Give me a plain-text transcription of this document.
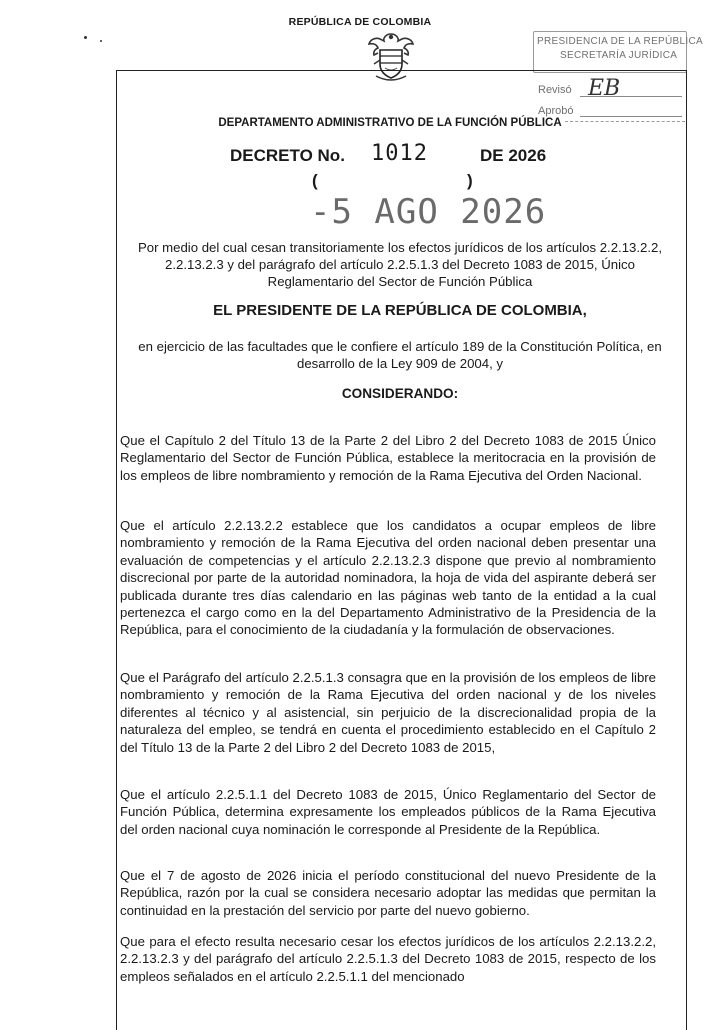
REPÚBLICA DE COLOMBIA
PRESIDENCIA DE LA REPÚBLICA
SECRETARÍA JURÍDICA
Revisó EB
Aprobó
DEPARTAMENTO ADMINISTRATIVO DE LA FUNCIÓN PÚBLICA
DECRETO No. 1012	DE 2026
(	)
-5 AGO 2026
Por medio del cual cesan transitoriamente los efectos jurídicos de los artículos 2.2.13.2.2, 2.2.13.2.3 y del parágrafo del artículo 2.2.5.1.3 del Decreto 1083 de 2015, Único Reglamentario del Sector de Función Pública
EL PRESIDENTE DE LA REPÚBLICA DE COLOMBIA,
en ejercicio de las facultades que le confiere el artículo 189 de la Constitución Política, en desarrollo de la Ley 909 de 2004, y
CONSIDERANDO:
Que el Capítulo 2 del Título 13 de la Parte 2 del Libro 2 del Decreto 1083 de 2015 Único Reglamentario del Sector de Función Pública, establece la meritocracia en la provisión de los empleos de libre nombramiento y remoción de la Rama Ejecutiva del Orden Nacional.
Que el artículo 2.2.13.2.2 establece que los candidatos a ocupar empleos de libre nombramiento y remoción de la Rama Ejecutiva del orden nacional deben presentar una evaluación de competencias y el artículo 2.2.13.2.3 dispone que previo al nombramiento discrecional por parte de la autoridad nominadora, la hoja de vida del aspirante deberá ser publicada durante tres días calendario en las páginas web tanto de la entidad a la cual pertenezca el cargo como en la del Departamento Administrativo de la Presidencia de la República, para el conocimiento de la ciudadanía y la formulación de observaciones.
Que el Parágrafo del artículo 2.2.5.1.3 consagra que en la provisión de los empleos de libre nombramiento y remoción de la Rama Ejecutiva del orden nacional y de los niveles diferentes al técnico y al asistencial, sin perjuicio de la discrecionalidad propia de la naturaleza del empleo, se tendrá en cuenta el procedimiento establecido en el Capítulo 2 del Título 13 de la Parte 2 del Libro 2 del Decreto 1083 de 2015,
Que el artículo 2.2.5.1.1 del Decreto 1083 de 2015, Único Reglamentario del Sector de Función Pública, determina expresamente los empleados públicos de la Rama Ejecutiva del orden nacional cuya nominación le corresponde al Presidente de la República.
Que el 7 de agosto de 2026 inicia el período constitucional del nuevo Presidente de la República, razón por la cual se considera necesario adoptar las medidas que permitan la continuidad en la prestación del servicio por parte del nuevo gobierno.
Que para el efecto resulta necesario cesar los efectos jurídicos de los artículos 2.2.13.2.2, 2.2.13.2.3 y del parágrafo del artículo 2.2.5.1.3 del Decreto 1083 de 2015, respecto de los empleos señalados en el artículo 2.2.5.1.1 del mencionado
